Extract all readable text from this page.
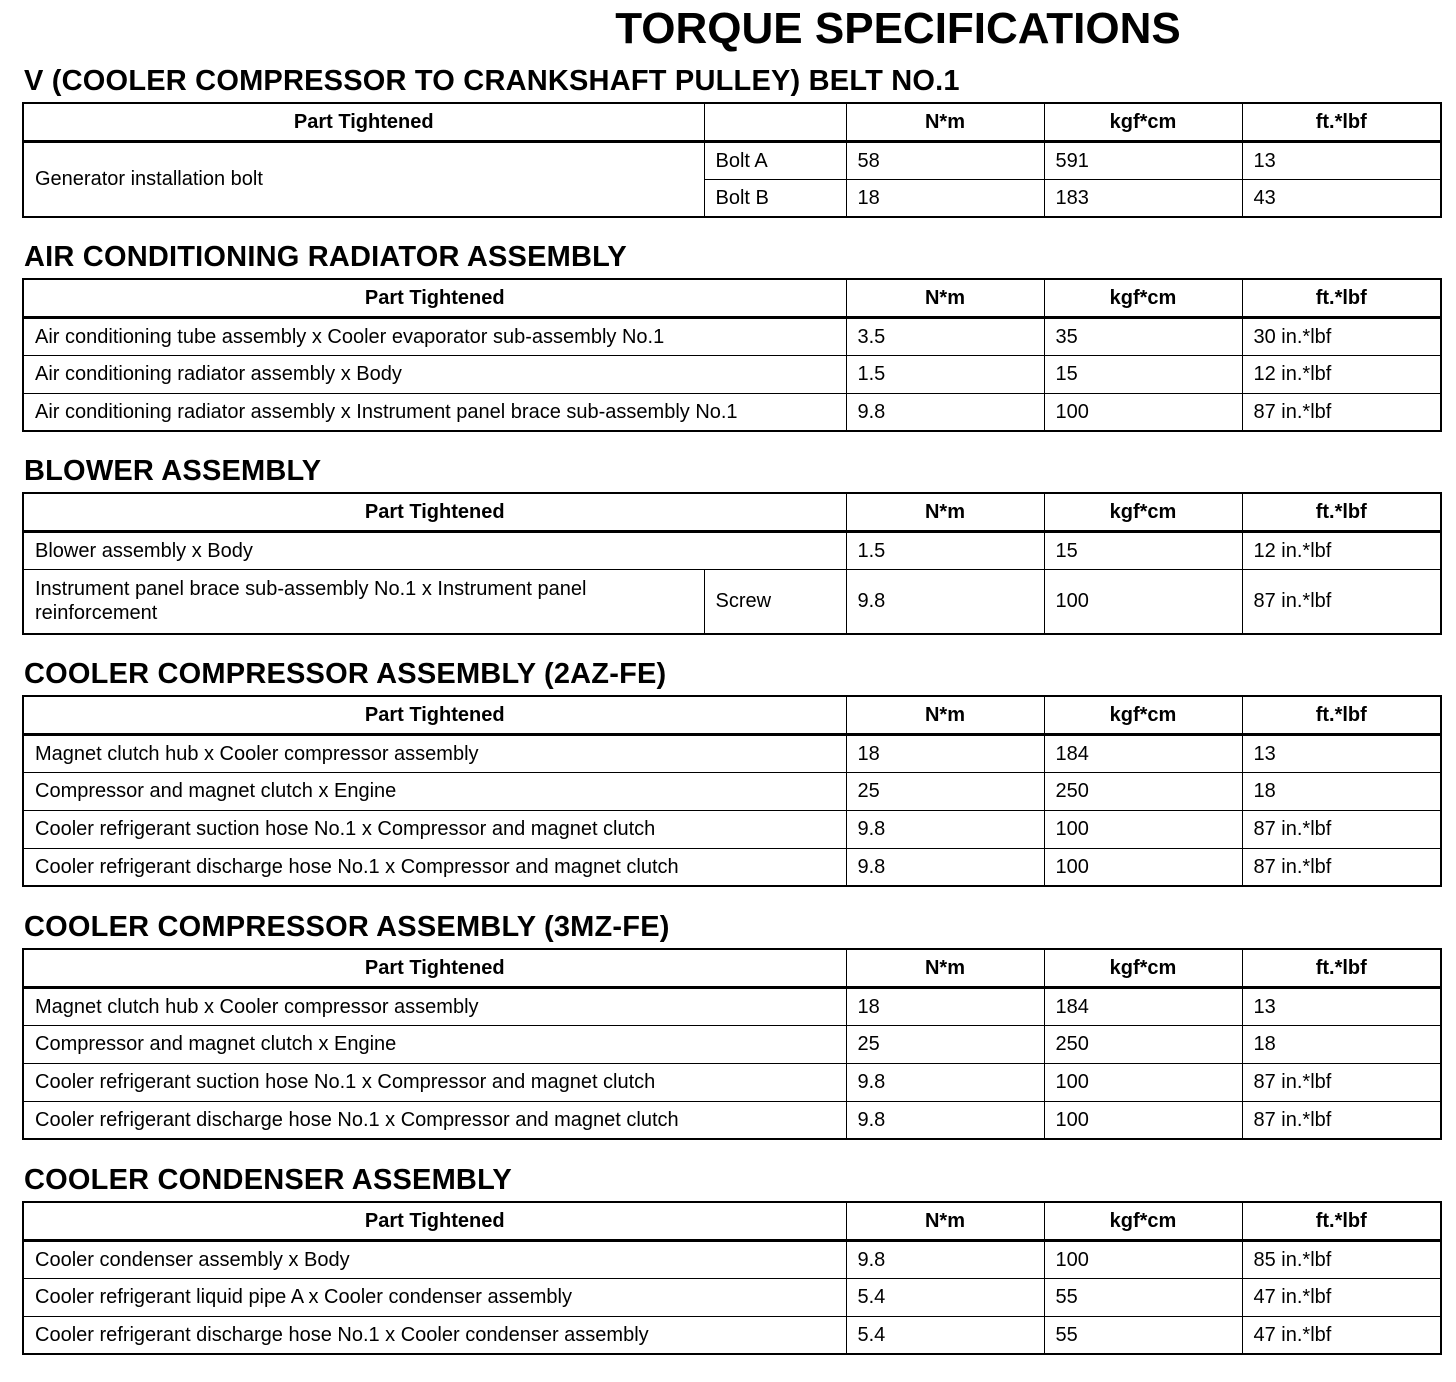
TORQUE SPECIFICATIONS
V (COOLER COMPRESSOR TO CRANKSHAFT PULLEY) BELT NO.1
Part Tightened		N*m	kgf*cm	ft.*lbf
Generator installation bolt	Bolt A	58	591	13
	Bolt B	18	183	43
AIR CONDITIONING RADIATOR ASSEMBLY
Part Tightened	N*m	kgf*cm	ft.*lbf
Air conditioning tube assembly x Cooler evaporator sub-assembly No.1	3.5	35	30 in.*lbf
Air conditioning radiator assembly x Body	1.5	15	12 in.*lbf
Air conditioning radiator assembly x Instrument panel brace sub-assembly No.1	9.8	100	87 in.*lbf
BLOWER ASSEMBLY
Part Tightened		N*m	kgf*cm	ft.*lbf
Blower assembly x Body		1.5	15	12 in.*lbf
Instrument panel brace sub-assembly No.1 x Instrument panel reinforcement	Screw	9.8	100	87 in.*lbf
COOLER COMPRESSOR ASSEMBLY (2AZ-FE)
Part Tightened	N*m	kgf*cm	ft.*lbf
Magnet clutch hub x Cooler compressor assembly	18	184	13
Compressor and magnet clutch x Engine	25	250	18
Cooler refrigerant suction hose No.1 x Compressor and magnet clutch	9.8	100	87 in.*lbf
Cooler refrigerant discharge hose No.1 x Compressor and magnet clutch	9.8	100	87 in.*lbf
COOLER COMPRESSOR ASSEMBLY (3MZ-FE)
Part Tightened	N*m	kgf*cm	ft.*lbf
Magnet clutch hub x Cooler compressor assembly	18	184	13
Compressor and magnet clutch x Engine	25	250	18
Cooler refrigerant suction hose No.1 x Compressor and magnet clutch	9.8	100	87 in.*lbf
Cooler refrigerant discharge hose No.1 x Compressor and magnet clutch	9.8	100	87 in.*lbf
COOLER CONDENSER ASSEMBLY
Part Tightened	N*m	kgf*cm	ft.*lbf
Cooler condenser assembly x Body	9.8	100	85 in.*lbf
Cooler refrigerant liquid pipe A x Cooler condenser assembly	5.4	55	47 in.*lbf
Cooler refrigerant discharge hose No.1 x Cooler condenser assembly	5.4	55	47 in.*lbf
